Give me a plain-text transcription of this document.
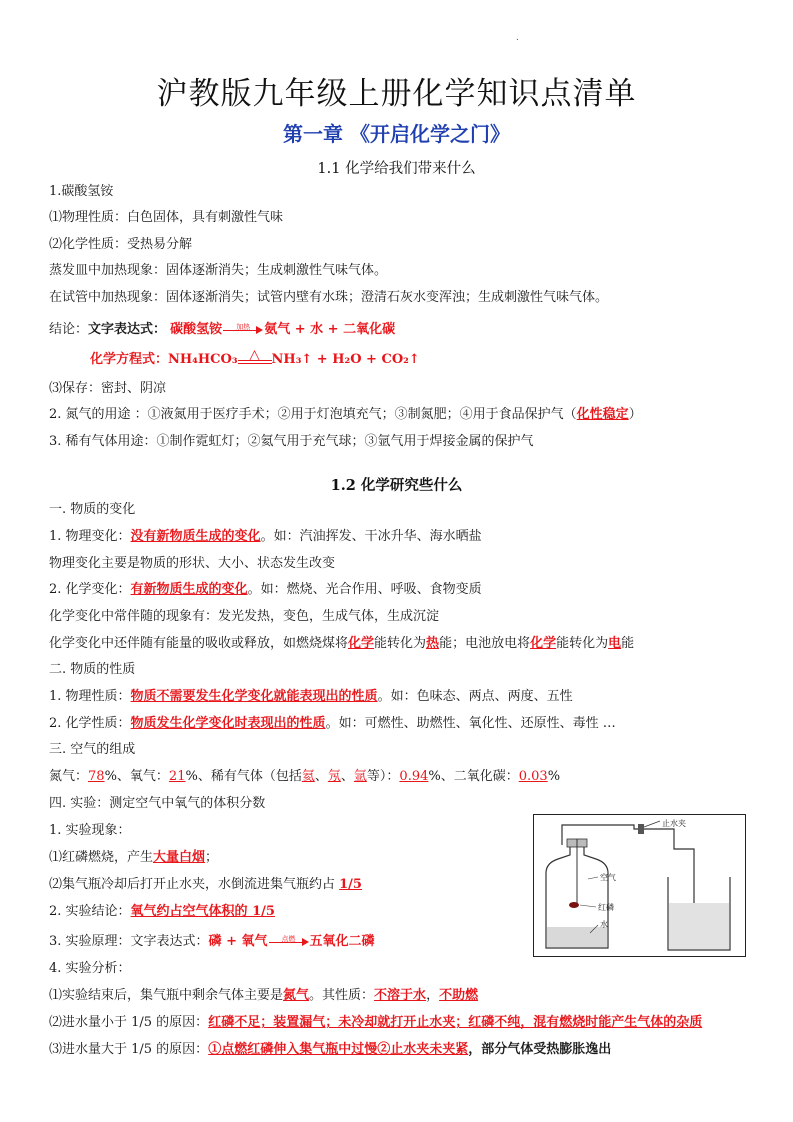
.
沪教版九年级上册化学知识点清单
第一章 《开启化学之门》
1.1 化学给我们带来什么
1.碳酸氢铵
⑴物理性质：白色固体，具有刺激性气味
⑵化学性质：受热易分解
蒸发皿中加热现象：固体逐渐消失；生成刺激性气味气体。
在试管中加热现象：固体逐渐消失；试管内壁有水珠；澄清石灰水变浑浊；生成刺激性气味气体。
结论：文字表达式： 碳酸氢铵	加热	氨气 + 水 + 二氧化碳
化学方程式：NH₄HCO₃ △ NH₃↑ + H₂O + CO₂↑
⑶保存：密封、阴凉
2. 氮气的用途 ：①液氮用于医疗手术；②用于灯泡填充气；③制氮肥；④用于食品保护气（化性稳定）
3. 稀有气体用途：①制作霓虹灯；②氦气用于充气球；③氩气用于焊接金属的保护气
1.2 化学研究些什么
一. 物质的变化
1. 物理变化：没有新物质生成的变化。如：汽油挥发、干冰升华、海水晒盐
物理变化主要是物质的形状、大小、状态发生改变
2. 化学变化：有新物质生成的变化。如：燃烧、光合作用、呼吸、食物变质
化学变化中常伴随的现象有：发光发热，变色，生成气体，生成沉淀
化学变化中还伴随有能量的吸收或释放，如燃烧煤将化学能转化为热能；电池放电将化学能转化为电能
二. 物质的性质
1. 物理性质：物质不需要发生化学变化就能表现出的性质。如：色味态、两点、两度、五性
2. 化学性质：物质发生化学变化时表现出的性质。如：可燃性、助燃性、氧化性、还原性、毒性 …
三. 空气的组成
氮气：78%、氧气：21%、稀有气体（包括氦、氖、氩等）：0.94%、二氧化碳：0.03%
四. 实验：测定空气中氧气的体积分数
1. 实验现象：
⑴红磷燃烧，产生大量白烟；
⑵集气瓶冷却后打开止水夹，水倒流进集气瓶约占 1/5
2. 实验结论：氧气约占空气体积的 1/5
3. 实验原理：文字表达式：磷 + 氧气	点燃	五氧化二磷
4. 实验分析：
⑴实验结束后，集气瓶中剩余气体主要是氮气。其性质：不溶于水，不助燃
⑵进水量小于 1/5 的原因：红磷不足；装置漏气；未冷却就打开止水夹；红磷不纯，混有燃烧时能产生气体的杂质
⑶进水量大于 1/5 的原因：①点燃红磷伸入集气瓶中过慢②止水夹未夹紧，部分气体受热膨胀逸出
止水夹
空气
红磷
水
